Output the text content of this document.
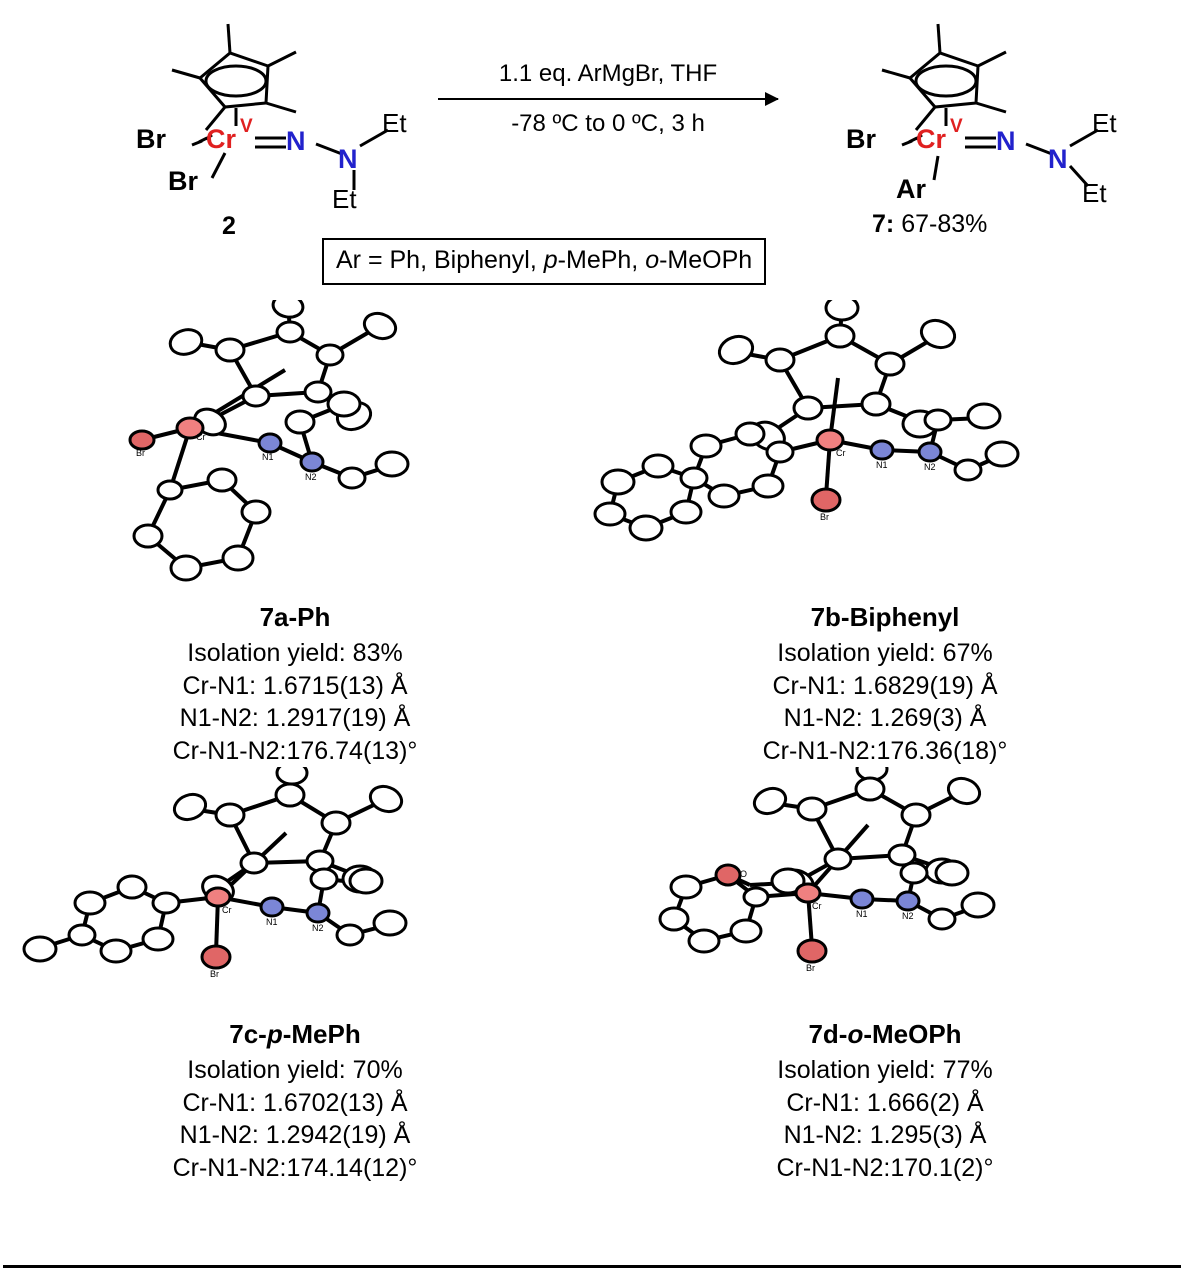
Cr V
Br
Br
N
N
Et
Et
2
1.1 eq. ArMgBr, THF
-78 ºC to 0 ºC, 3 h
Cr V
Br
Ar
N
N
Et
Et
7: 67-83%
Ar = Ph, Biphenyl, p-MePh, o-MeOPh
Cr
Br	N1
N2
7a-Ph
Isolation yield: 83%
Cr-N1: 1.6715(13) Å
N1-N2: 1.2917(19) Å
Cr-N1-N2:176.74(13)°
Cr
Br
N1	N2
7b-Biphenyl
Isolation yield: 67%
Cr-N1: 1.6829(19) Å
N1-N2: 1.269(3) Å
Cr-N1-N2:176.36(18)°
Cr
Br
N1
N2
7c-p-MePh
Isolation yield: 70%
Cr-N1: 1.6702(13) Å
N1-N2: 1.2942(19) Å
Cr-N1-N2:174.14(12)°
O
Cr
Br
N1	N2
7d-o-MeOPh
Isolation yield: 77%
Cr-N1: 1.666(2) Å
N1-N2: 1.295(3) Å
Cr-N1-N2:170.1(2)°
